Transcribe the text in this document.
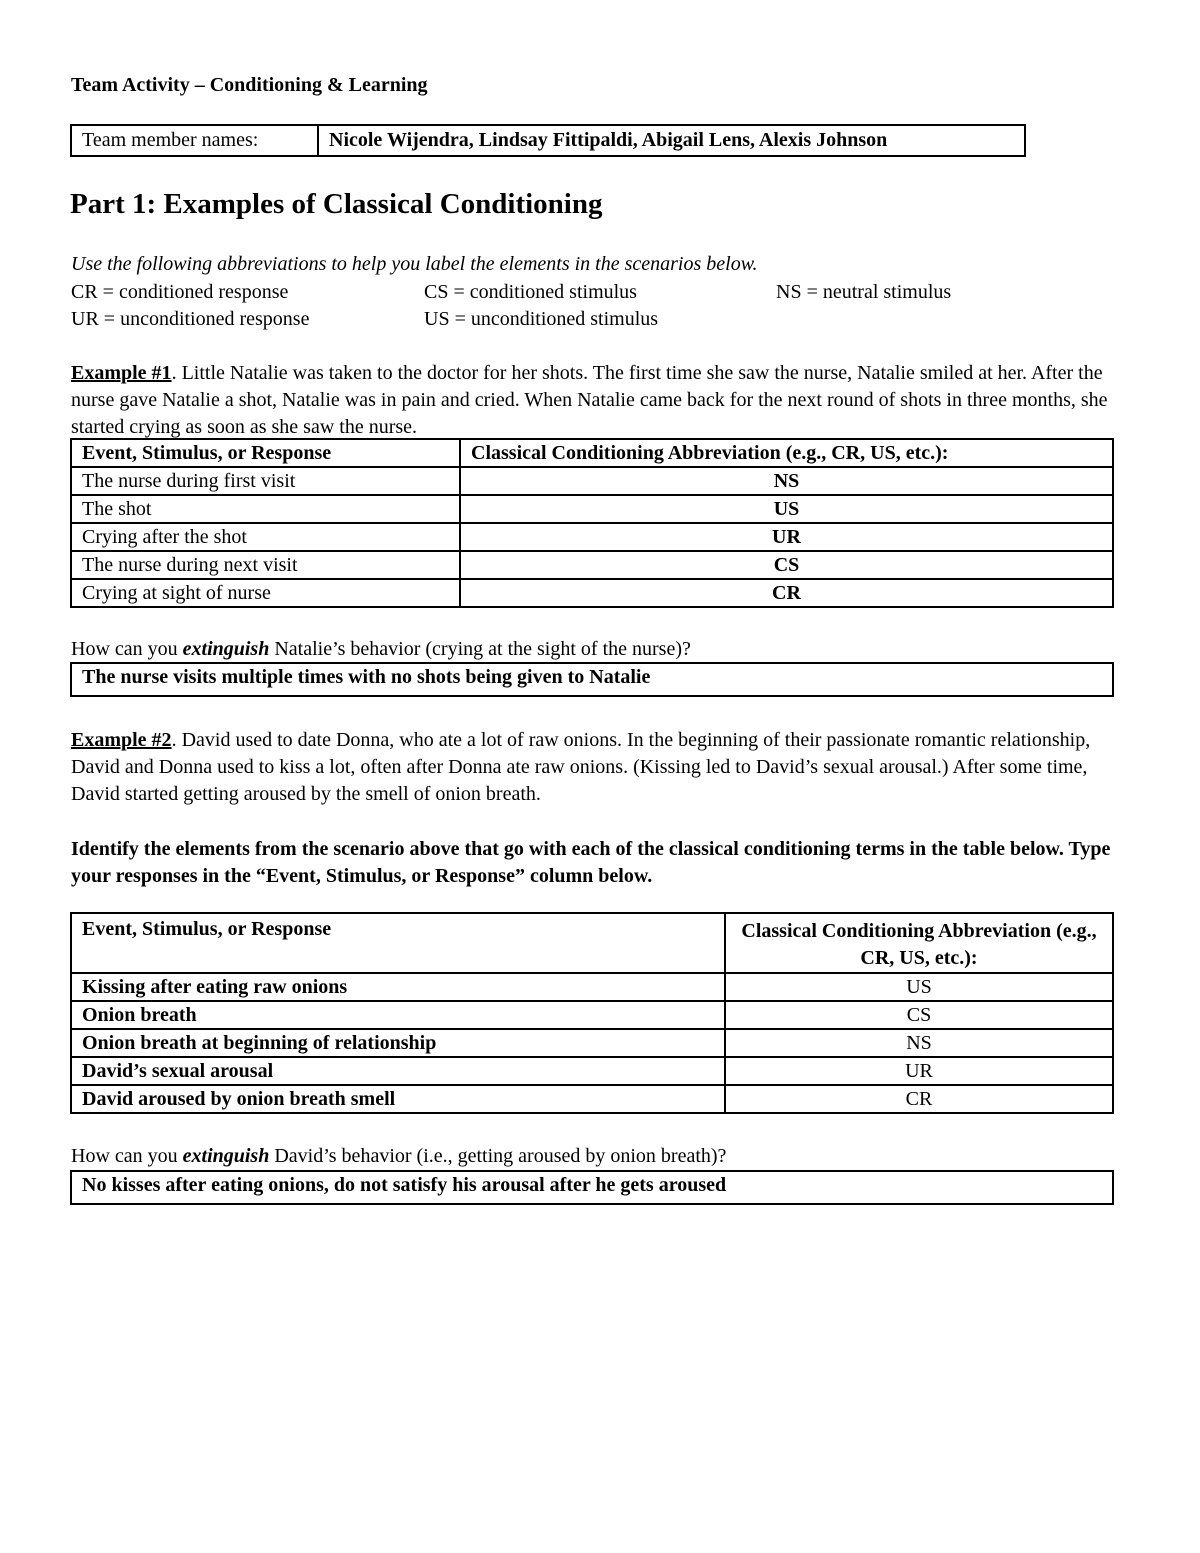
Team Activity – Conditioning & Learning

Team member names:	Nicole Wijendra, Lindsay Fittipaldi, Abigail Lens, Alexis Johnson

Part 1: Examples of Classical Conditioning

Use the following abbreviations to help you label the elements in the scenarios below.

CR = conditioned response	CS = conditioned stimulus	NS = neutral stimulus
UR = unconditioned response	US = unconditioned stimulus

Example #1. Little Natalie was taken to the doctor for her shots. The first time she saw the nurse, Natalie smiled at her. After the nurse gave Natalie a shot, Natalie was in pain and cried. When Natalie came back for the next round of shots in three months, she started crying as soon as she saw the nurse.

Event, Stimulus, or Response	Classical Conditioning Abbreviation (e.g., CR, US, etc.):
The nurse during first visit	NS
The shot	US
Crying after the shot	UR
The nurse during next visit	CS
Crying at sight of nurse	CR

How can you extinguish Natalie’s behavior (crying at the sight of the nurse)?

The nurse visits multiple times with no shots being given to Natalie

Example #2. David used to date Donna, who ate a lot of raw onions. In the beginning of their passionate romantic relationship, David and Donna used to kiss a lot, often after Donna ate raw onions. (Kissing led to David’s sexual arousal.) After some time, David started getting aroused by the smell of onion breath.

Identify the elements from the scenario above that go with each of the classical conditioning terms in the table below. Type your responses in the “Event, Stimulus, or Response” column below.

Event, Stimulus, or Response	Classical Conditioning Abbreviation (e.g., CR, US, etc.):
Kissing after eating raw onions	US
Onion breath	CS
Onion breath at beginning of relationship	NS
David’s sexual arousal	UR
David aroused by onion breath smell	CR

How can you extinguish David’s behavior (i.e., getting aroused by onion breath)?

No kisses after eating onions, do not satisfy his arousal after he gets aroused
